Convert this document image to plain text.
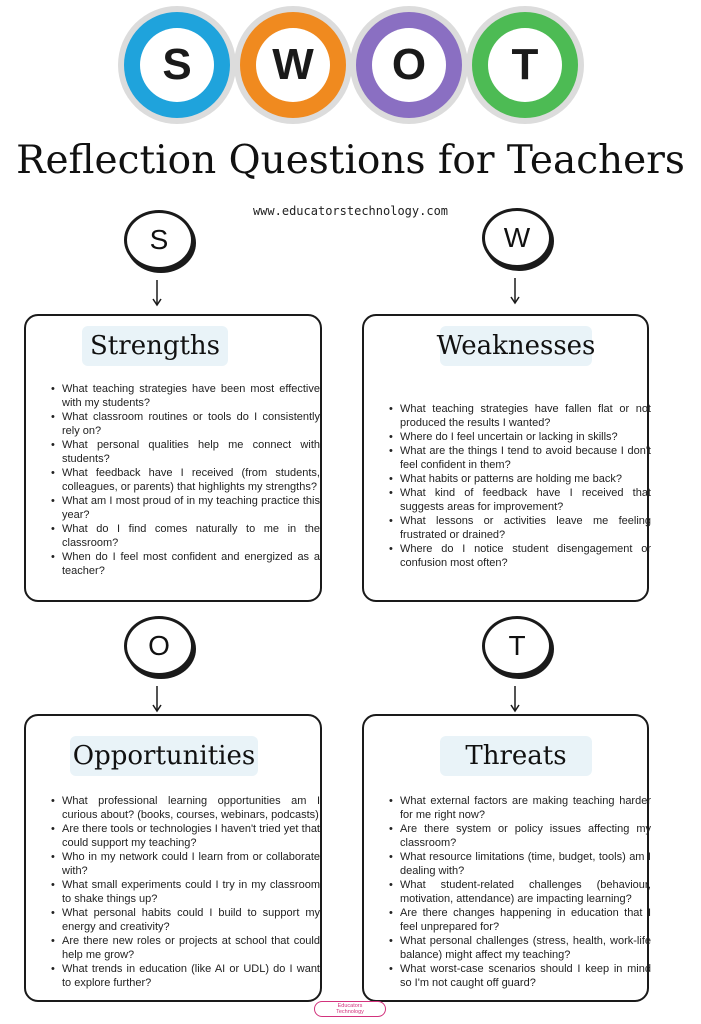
S	W	O	T
Reflection Questions for Teachers
www.educatorstechnology.com
S
Strengths
• What teaching strategies have been most effective with my students?
• What classroom routines or tools do I consistently rely on?
• What personal qualities help me connect with students?
• What feedback have I received (from students, colleagues, or parents) that highlights my strengths?
• What am I most proud of in my teaching practice this year?
• What do I find comes naturally to me in the classroom?
• When do I feel most confident and energized as a teacher?
W
Weaknesses
• What teaching strategies have fallen flat or not produced the results I wanted?
• Where do I feel uncertain or lacking in skills?
• What are the things I tend to avoid because I don't feel confident in them?
• What habits or patterns are holding me back?
• What kind of feedback have I received that suggests areas for improvement?
• What lessons or activities leave me feeling frustrated or drained?
• Where do I notice student disengagement or confusion most often?
O
Opportunities
• What professional learning opportunities am I curious about? (books, courses, webinars, podcasts)
• Are there tools or technologies I haven't tried yet that could support my teaching?
• Who in my network could I learn from or collaborate with?
• What small experiments could I try in my classroom to shake things up?
• What personal habits could I build to support my energy and creativity?
• Are there new roles or projects at school that could help me grow?
• What trends in education (like AI or UDL) do I want to explore further?
T
Threats
• What external factors are making teaching harder for me right now?
• Are there system or policy issues affecting my classroom?
• What resource limitations (time, budget, tools) am I dealing with?
• What student-related challenges (behaviour, motivation, attendance) are impacting learning?
• Are there changes happening in education that I feel unprepared for?
• What personal challenges (stress, health, work-life balance) might affect my teaching?
• What worst-case scenarios should I keep in mind so I'm not caught off guard?
Educators
Technology
